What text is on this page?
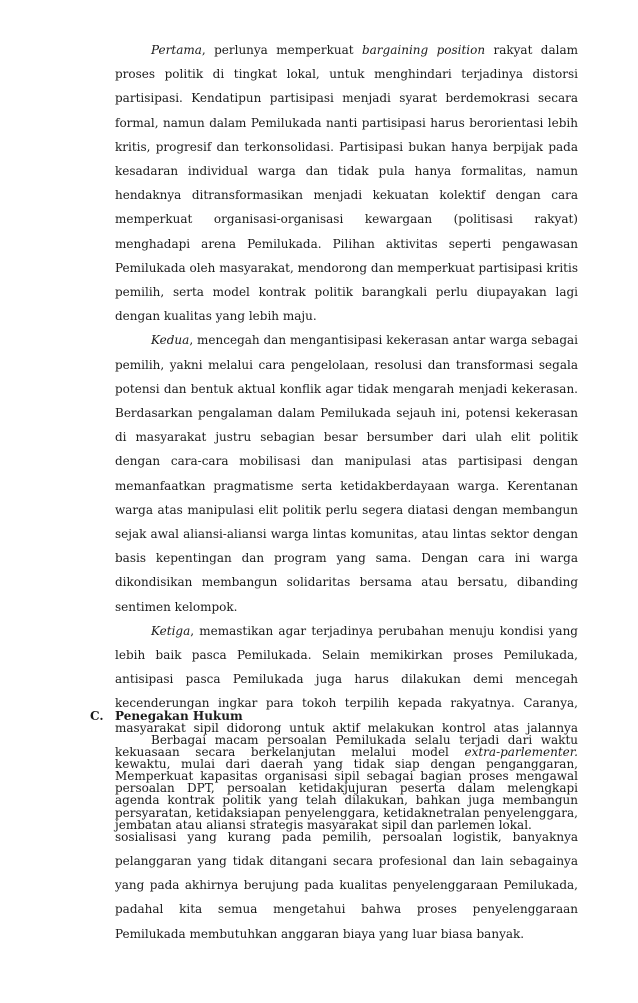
Pertama, perlunya memperkuat bargaining position rakyat dalam proses politik di tingkat lokal, untuk menghindari terjadinya distorsi partisipasi. Kendatipun partisipasi menjadi syarat berdemokrasi secara formal, namun dalam Pemilukada nanti partisipasi harus berorientasi lebih kritis, progresif dan terkonsolidasi. Partisipasi bukan hanya berpijak pada kesadaran individual warga dan tidak pula hanya formalitas, namun hendaknya ditransformasikan menjadi kekuatan kolektif dengan cara memperkuat organisasi-organisasi kewargaan (politisasi rakyat) menghadapi arena Pemilukada. Pilihan aktivitas seperti pengawasan Pemilukada oleh masyarakat, mendorong dan memperkuat partisipasi kritis pemilih, serta model kontrak politik barangkali perlu diupayakan lagi dengan kualitas yang lebih maju.

Kedua, mencegah dan mengantisipasi kekerasan antar warga sebagai pemilih, yakni melalui cara pengelolaan, resolusi dan transformasi segala potensi dan bentuk aktual konflik agar tidak mengarah menjadi kekerasan. Berdasarkan pengalaman dalam Pemilukada sejauh ini, potensi kekerasan di masyarakat justru sebagian besar bersumber dari ulah elit politik dengan cara-cara mobilisasi dan manipulasi atas partisipasi dengan memanfaatkan pragmatisme serta ketidakberdayaan warga. Kerentanan warga atas manipulasi elit politik perlu segera diatasi dengan membangun sejak awal aliansi-aliansi warga lintas komunitas, atau lintas sektor dengan basis kepentingan dan program yang sama. Dengan cara ini warga dikondisikan membangun solidaritas bersama atau bersatu, dibanding sentimen kelompok.

Ketiga, memastikan agar terjadinya perubahan menuju kondisi yang lebih baik pasca Pemilukada. Selain memikirkan proses Pemilukada, antisipasi pasca Pemilukada juga harus dilakukan demi mencegah kecenderungan ingkar para tokoh terpilih kepada rakyatnya. Caranya, masyarakat sipil didorong untuk aktif melakukan kontrol atas jalannya kekuasaan secara berkelanjutan melalui model extra-parlementer. Memperkuat kapasitas organisasi sipil sebagai bagian proses mengawal agenda kontrak politik yang telah dilakukan, bahkan juga membangun jembatan atau aliansi strategis masyarakat sipil dan parlemen lokal.

C. Penegakan Hukum

Berbagai macam persoalan Pemilukada selalu terjadi dari waktu kewaktu, mulai dari daerah yang tidak siap dengan penganggaran, persoalan DPT, persoalan ketidakjujuran peserta dalam melengkapi persyaratan, ketidaksiapan penyelenggara, ketidaknetralan penyelenggara, sosialisasi yang kurang pada pemilih, persoalan logistik, banyaknya pelanggaran yang tidak ditangani secara profesional dan lain sebagainya yang pada akhirnya berujung pada kualitas penyelenggaraan Pemilukada, padahal kita semua mengetahui bahwa proses penyelenggaraan Pemilukada membutuhkan anggaran biaya yang luar biasa banyak.
